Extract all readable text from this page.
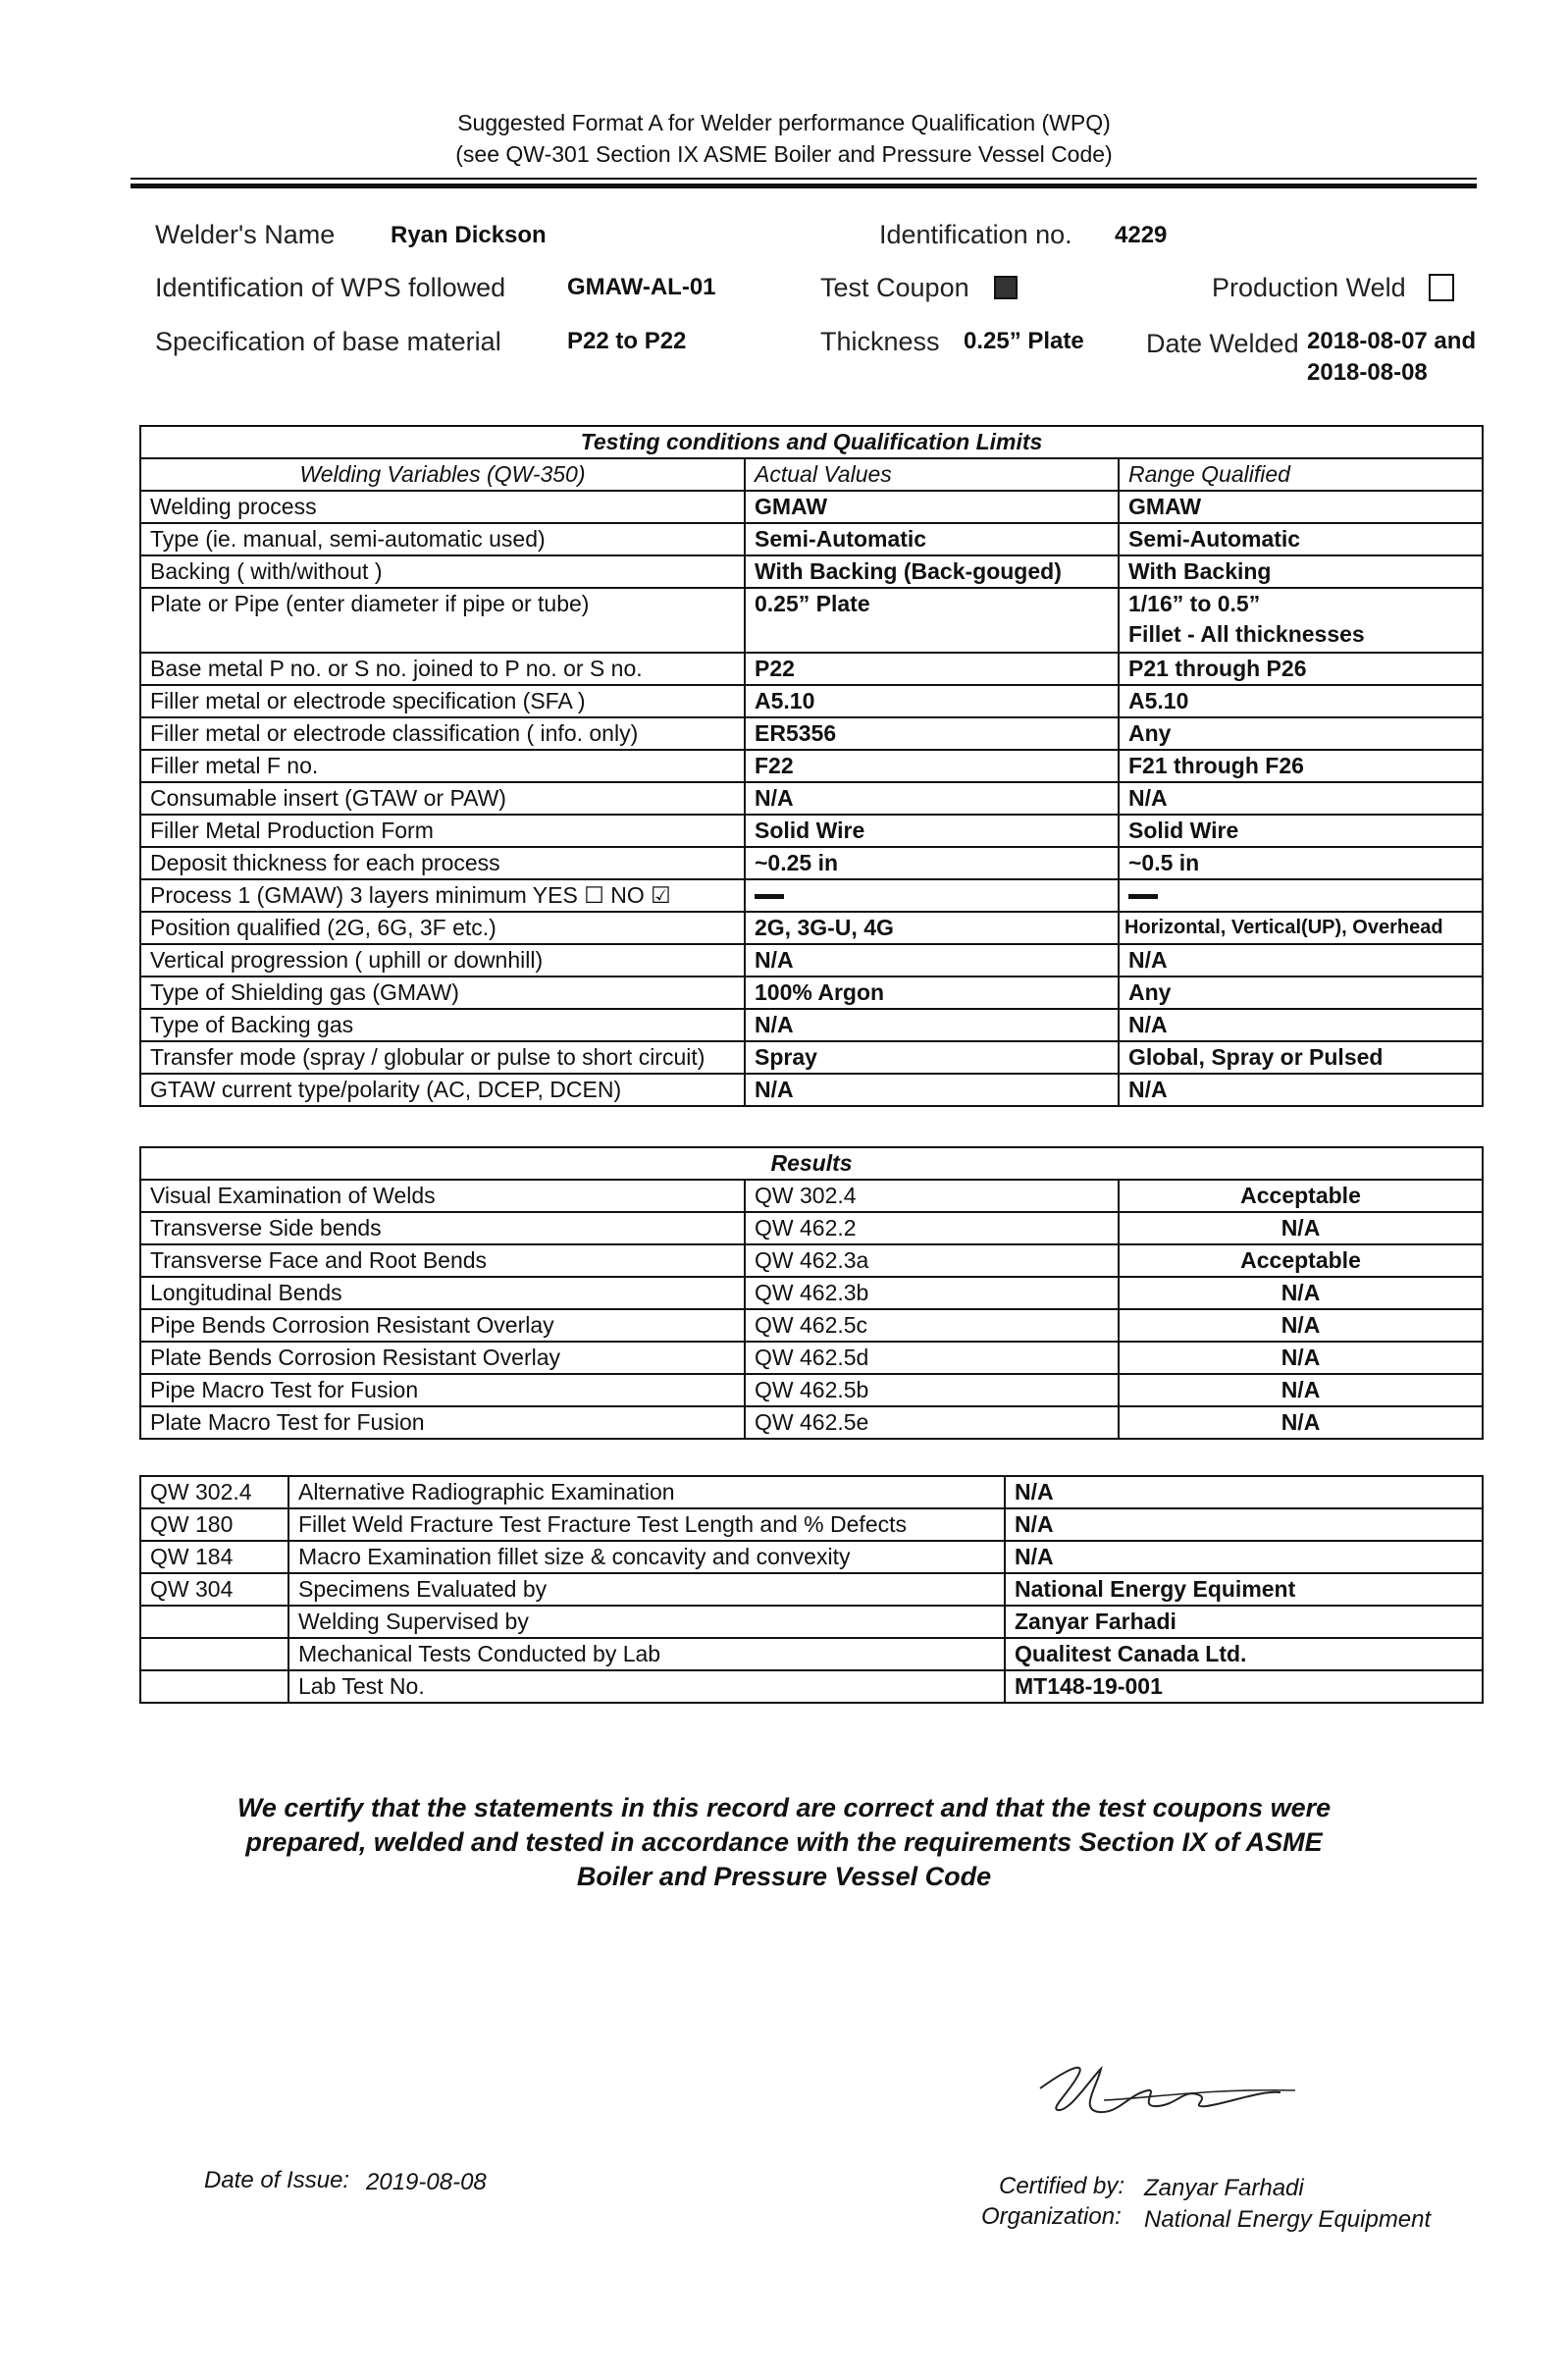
Suggested Format A for Welder performance Qualification (WPQ)
(see QW-301 Section IX ASME Boiler and Pressure Vessel Code)
Welder's Name Ryan Dickson	Identification no. 4229
Identification of WPS followed	GMAW-AL-01	Test Coupon	Production Weld
Specification of base material	P22 to P22	Thickness 0.25” Plate Date Welded 2018-08-07 and
2018-08-08
Testing conditions and Qualification Limits		
Welding Variables (QW-350)	Actual Values	Range Qualified
Welding process	GMAW	GMAW
Type (ie. manual, semi-automatic used)	Semi-Automatic	Semi-Automatic
Backing ( with/without )	With Backing (Back-gouged)	With Backing
Plate or Pipe (enter diameter if pipe or tube)	0.25” Plate	1/16” to 0.5”
Fillet - All thicknesses

Base metal P no. or S no. joined to P no. or S no.	P22	P21 through P26
Filler metal or electrode specification (SFA )	A5.10	A5.10
Filler metal or electrode classification ( info. only)	ER5356	Any
Filler metal F no.	F22	F21 through F26
Consumable insert (GTAW or PAW)	N/A	N/A
Filler Metal Production Form	Solid Wire	Solid Wire
Deposit thickness for each process	~0.25 in	~0.5 in
Process 1 (GMAW) 3 layers minimum YES ☐ NO ☑		
Position qualified (2G, 6G, 3F etc.)	2G, 3G-U, 4G	Horizontal, Vertical(UP), Overhead
Vertical progression ( uphill or downhill)	N/A	N/A
Type of Shielding gas (GMAW)	100% Argon	Any
Type of Backing gas	N/A	N/A
Transfer mode (spray / globular or pulse to short circuit)	Spray	Global, Spray or Pulsed
GTAW current type/polarity (AC, DCEP, DCEN)	N/A	N/A
Results		
Visual Examination of Welds	QW 302.4	Acceptable
Transverse Side bends	QW 462.2	N/A
Transverse Face and Root Bends	QW 462.3a	Acceptable
Longitudinal Bends	QW 462.3b	N/A
Pipe Bends Corrosion Resistant Overlay	QW 462.5c	N/A
Plate Bends Corrosion Resistant Overlay	QW 462.5d	N/A
Pipe Macro Test for Fusion	QW 462.5b	N/A
Plate Macro Test for Fusion	QW 462.5e	N/A
QW 302.4	Alternative Radiographic Examination	N/A
QW 180	Fillet Weld Fracture Test Fracture Test Length and % Defects	N/A
QW 184	Macro Examination fillet size & concavity and convexity	N/A
QW 304	Specimens Evaluated by	National Energy Equiment
	Welding Supervised by	Zanyar Farhadi
	Mechanical Tests Conducted by Lab	Qualitest Canada Ltd.
	Lab Test No.	MT148-19-001
We certify that the statements in this record are correct and that the test coupons were
prepared, welded and tested in accordance with the requirements Section IX of ASME
Boiler and Pressure Vessel Code
Date of Issue: 2019-08-08	Certified by: Zanyar Farhadi
Organization: National Energy Equipment
